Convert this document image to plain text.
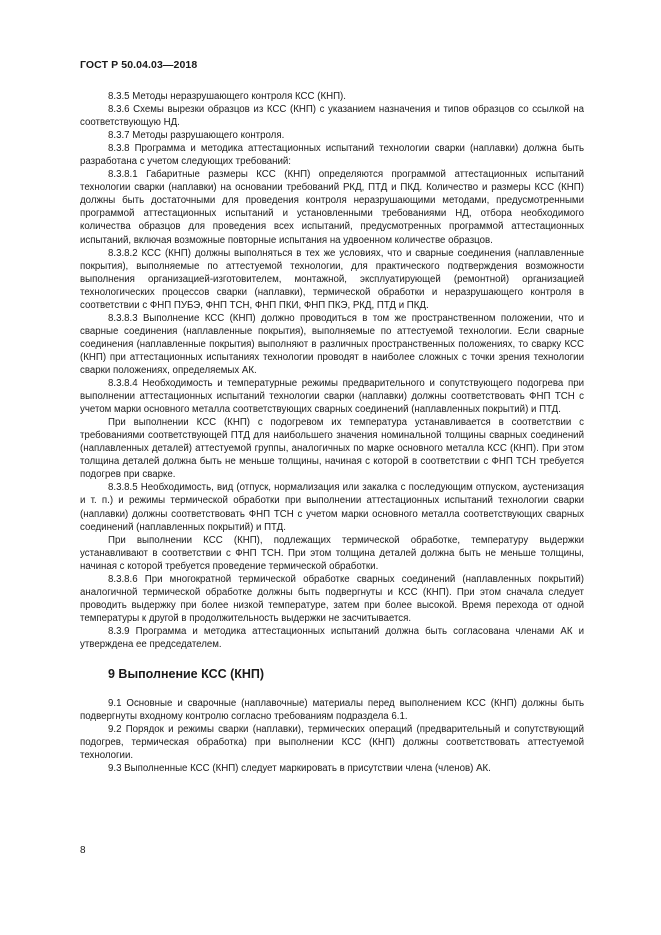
ГОСТ Р 50.04.03—2018

8.3.5 Методы неразрушающего контроля КСС (КНП).

8.3.6 Схемы вырезки образцов из КСС (КНП) с указанием назначения и типов образцов со ссылкой на соответствующую НД.

8.3.7 Методы разрушающего контроля.

8.3.8 Программа и методика аттестационных испытаний технологии сварки (наплавки) должна быть разработана с учетом следующих требований:

8.3.8.1 Габаритные размеры КСС (КНП) определяются программой аттестационных испытаний технологии сварки (наплавки) на основании требований РКД, ПТД и ПКД. Количество и размеры КСС (КНП) должны быть достаточными для проведения контроля неразрушающими методами, предусмотренными программой аттестационных испытаний и установленными требованиями НД, отбора необходимого количества образцов для проведения всех испытаний, предусмотренных программой аттестационных испытаний, включая возможные повторные испытания на удвоенном количестве образцов.

8.3.8.2 КСС (КНП) должны выполняться в тех же условиях, что и сварные соединения (наплавленные покрытия), выполняемые по аттестуемой технологии, для практического подтверждения возможности выполнения организацией-изготовителем, монтажной, эксплуатирующей (ремонтной) организацией технологических процессов сварки (наплавки), термической обработки и неразрушающего контроля в соответствии с ФНП ПУБЭ, ФНП ТСН, ФНП ПКИ, ФНП ПКЭ, РКД, ПТД и ПКД.

8.3.8.3 Выполнение КСС (КНП) должно проводиться в том же пространственном положении, что и сварные соединения (наплавленные покрытия), выполняемые по аттестуемой технологии. Если сварные соединения (наплавленные покрытия) выполняют в различных пространственных положениях, то сварку КСС (КНП) при аттестационных испытаниях технологии проводят в наиболее сложных с точки зрения технологии сварки положениях, определяемых АК.

8.3.8.4 Необходимость и температурные режимы предварительного и сопутствующего подогрева при выполнении аттестационных испытаний технологии сварки (наплавки) должны соответствовать ФНП ТСН с учетом марки основного металла соответствующих сварных соединений (наплавленных покрытий) и ПТД.

При выполнении КСС (КНП) с подогревом их температура устанавливается в соответствии с требованиями соответствующей ПТД для наибольшего значения номинальной толщины сварных соединений (наплавленных деталей) аттестуемой группы, аналогичных по марке основного металла КСС (КНП). При этом толщина деталей должна быть не меньше толщины, начиная с которой в соответствии с ФНП ТСН требуется подогрев при сварке.

8.3.8.5 Необходимость, вид (отпуск, нормализация или закалка с последующим отпуском, аустенизация и т. п.) и режимы термической обработки при выполнении аттестационных испытаний технологии сварки (наплавки) должны соответствовать ФНП ТСН с учетом марки основного металла соответствующих сварных соединений (наплавленных покрытий) и ПТД.

При выполнении КСС (КНП), подлежащих термической обработке, температуру выдержки устанавливают в соответствии с ФНП ТСН. При этом толщина деталей должна быть не меньше толщины, начиная с которой требуется проведение термической обработки.

8.3.8.6 При многократной термической обработке сварных соединений (наплавленных покрытий) аналогичной термической обработке должны быть подвергнуты и КСС (КНП). При этом сначала следует проводить выдержку при более низкой температуре, затем при более высокой. Время перехода от одной температуры к другой в продолжительность выдержки не засчитывается.

8.3.9 Программа и методика аттестационных испытаний должна быть согласована членами АК и утверждена ее председателем.

9 Выполнение КСС (КНП)

9.1 Основные и сварочные (наплавочные) материалы перед выполнением КСС (КНП) должны быть подвергнуты входному контролю согласно требованиям подраздела 6.1.

9.2 Порядок и режимы сварки (наплавки), термических операций (предварительный и сопутствующий подогрев, термическая обработка) при выполнении КСС (КНП) должны соответствовать аттестуемой технологии.

9.3 Выполненные КСС (КНП) следует маркировать в присутствии члена (членов) АК.

8
